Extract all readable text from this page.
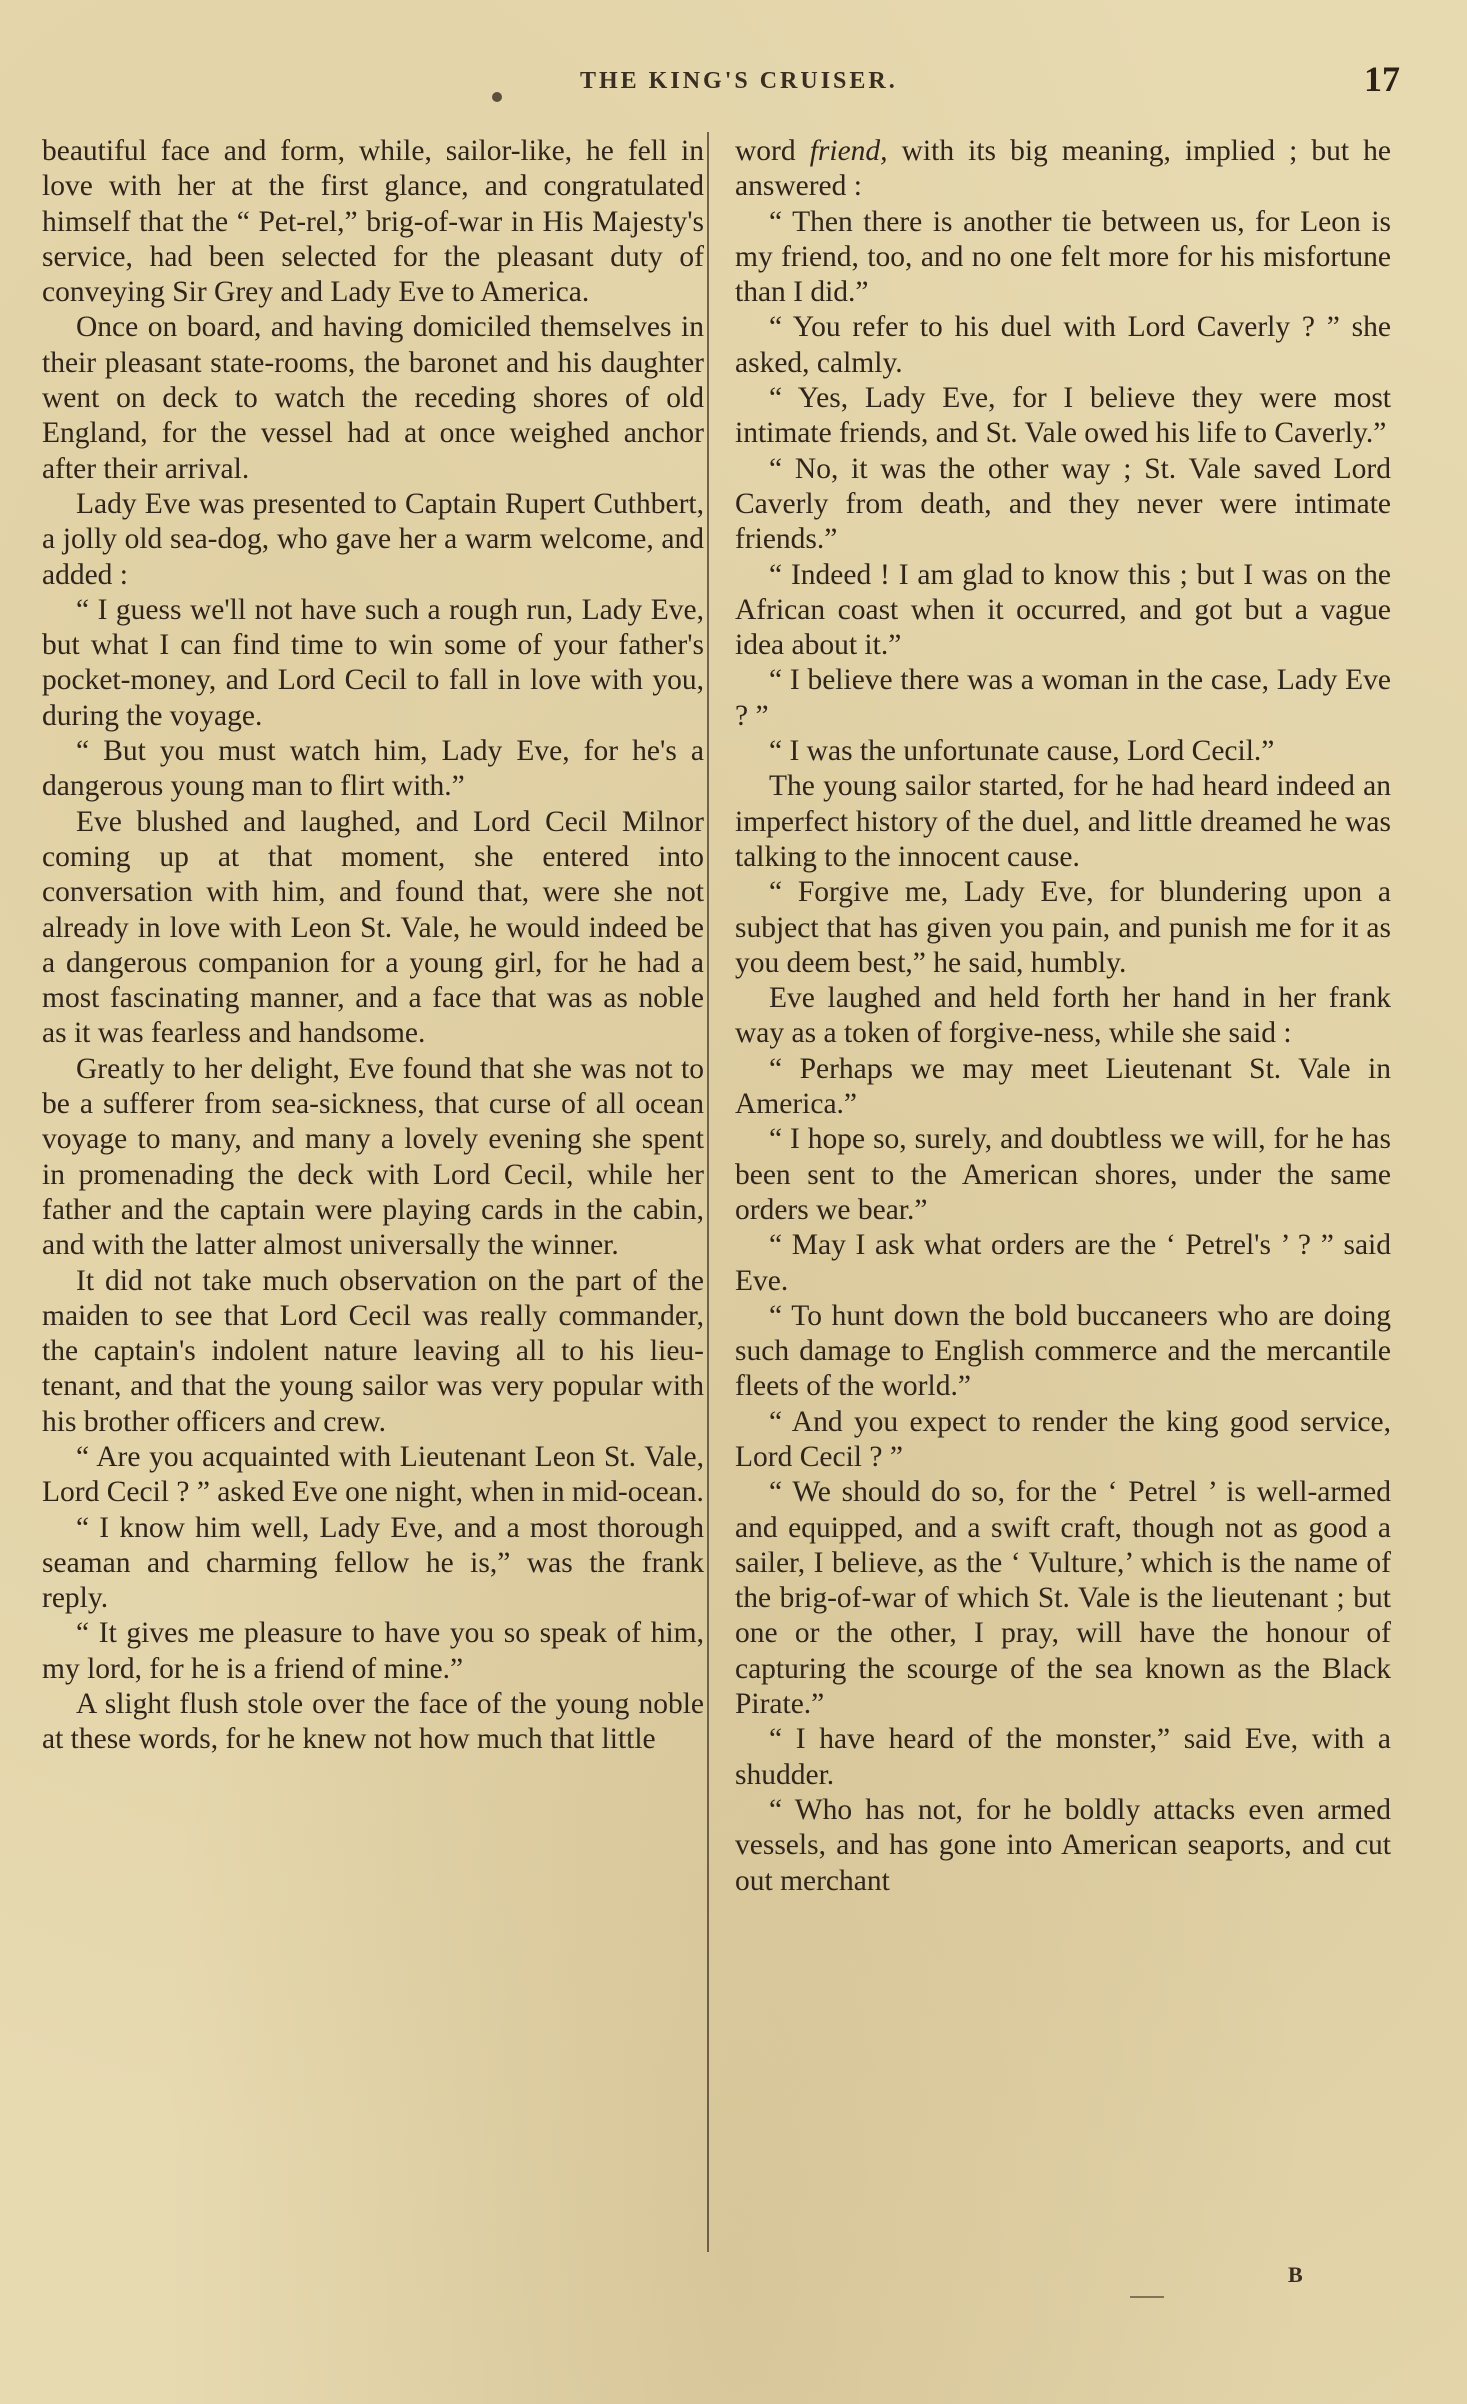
THE KING'S CRUISER.	17

beautiful face and form, while, sailor-like, he fell in love with her at the first glance, and congratulated himself that the “ Pet-rel,” brig-of-war in His Majesty's service, had been selected for the pleasant duty of conveying Sir Grey and Lady Eve to America.

Once on board, and having domiciled themselves in their pleasant state-rooms, the baronet and his daughter went on deck to watch the receding shores of old England, for the vessel had at once weighed anchor after their arrival.

Lady Eve was presented to Captain Rupert Cuthbert, a jolly old sea-dog, who gave her a warm welcome, and added :

“ I guess we'll not have such a rough run, Lady Eve, but what I can find time to win some of your father's pocket-money, and Lord Cecil to fall in love with you, during the voyage.

“ But you must watch him, Lady Eve, for he's a dangerous young man to flirt with.”

Eve blushed and laughed, and Lord Cecil Milnor coming up at that moment, she entered into conversation with him, and found that, were she not already in love with Leon St. Vale, he would indeed be a dangerous companion for a young girl, for he had a most fascinating manner, and a face that was as noble as it was fearless and handsome.

Greatly to her delight, Eve found that she was not to be a sufferer from sea-sickness, that curse of all ocean voyage to many, and many a lovely evening she spent in promenading the deck with Lord Cecil, while her father and the captain were playing cards in the cabin, and with the latter almost universally the winner.

It did not take much observation on the part of the maiden to see that Lord Cecil was really commander, the captain's indolent nature leaving all to his lieu-tenant, and that the young sailor was very popular with his brother officers and crew.

“ Are you acquainted with Lieutenant Leon St. Vale, Lord Cecil ? ” asked Eve one night, when in mid-ocean.

“ I know him well, Lady Eve, and a most thorough seaman and charming fellow he is,” was the frank reply.

“ It gives me pleasure to have you so speak of him, my lord, for he is a friend of mine.”

A slight flush stole over the face of the young noble at these words, for he knew not how much that little

word friend, with its big meaning, implied ; but he answered :

“ Then there is another tie between us, for Leon is my friend, too, and no one felt more for his misfortune than I did.”

“ You refer to his duel with Lord Caverly ? ” she asked, calmly.

“ Yes, Lady Eve, for I believe they were most intimate friends, and St. Vale owed his life to Caverly.”

“ No, it was the other way ; St. Vale saved Lord Caverly from death, and they never were intimate friends.”

“ Indeed ! I am glad to know this ; but I was on the African coast when it occurred, and got but a vague idea about it.”

“ I believe there was a woman in the case, Lady Eve ? ”

“ I was the unfortunate cause, Lord Cecil.”

The young sailor started, for he had heard indeed an imperfect history of the duel, and little dreamed he was talking to the innocent cause.

“ Forgive me, Lady Eve, for blundering upon a subject that has given you pain, and punish me for it as you deem best,” he said, humbly.

Eve laughed and held forth her hand in her frank way as a token of forgive-ness, while she said :

“ Perhaps we may meet Lieutenant St. Vale in America.”

“ I hope so, surely, and doubtless we will, for he has been sent to the American shores, under the same orders we bear.”

“ May I ask what orders are the ‘ Petrel's ’ ? ” said Eve.

“ To hunt down the bold buccaneers who are doing such damage to English commerce and the mercantile fleets of the world.”

“ And you expect to render the king good service, Lord Cecil ? ”

“ We should do so, for the ‘ Petrel ’ is well-armed and equipped, and a swift craft, though not as good a sailer, I believe, as the ‘ Vulture,’ which is the name of the brig-of-war of which St. Vale is the lieutenant ; but one or the other, I pray, will have the honour of capturing the scourge of the sea known as the Black Pirate.”

“ I have heard of the monster,” said Eve, with a shudder.

“ Who has not, for he boldly attacks even armed vessels, and has gone into American seaports, and cut out merchant

B
